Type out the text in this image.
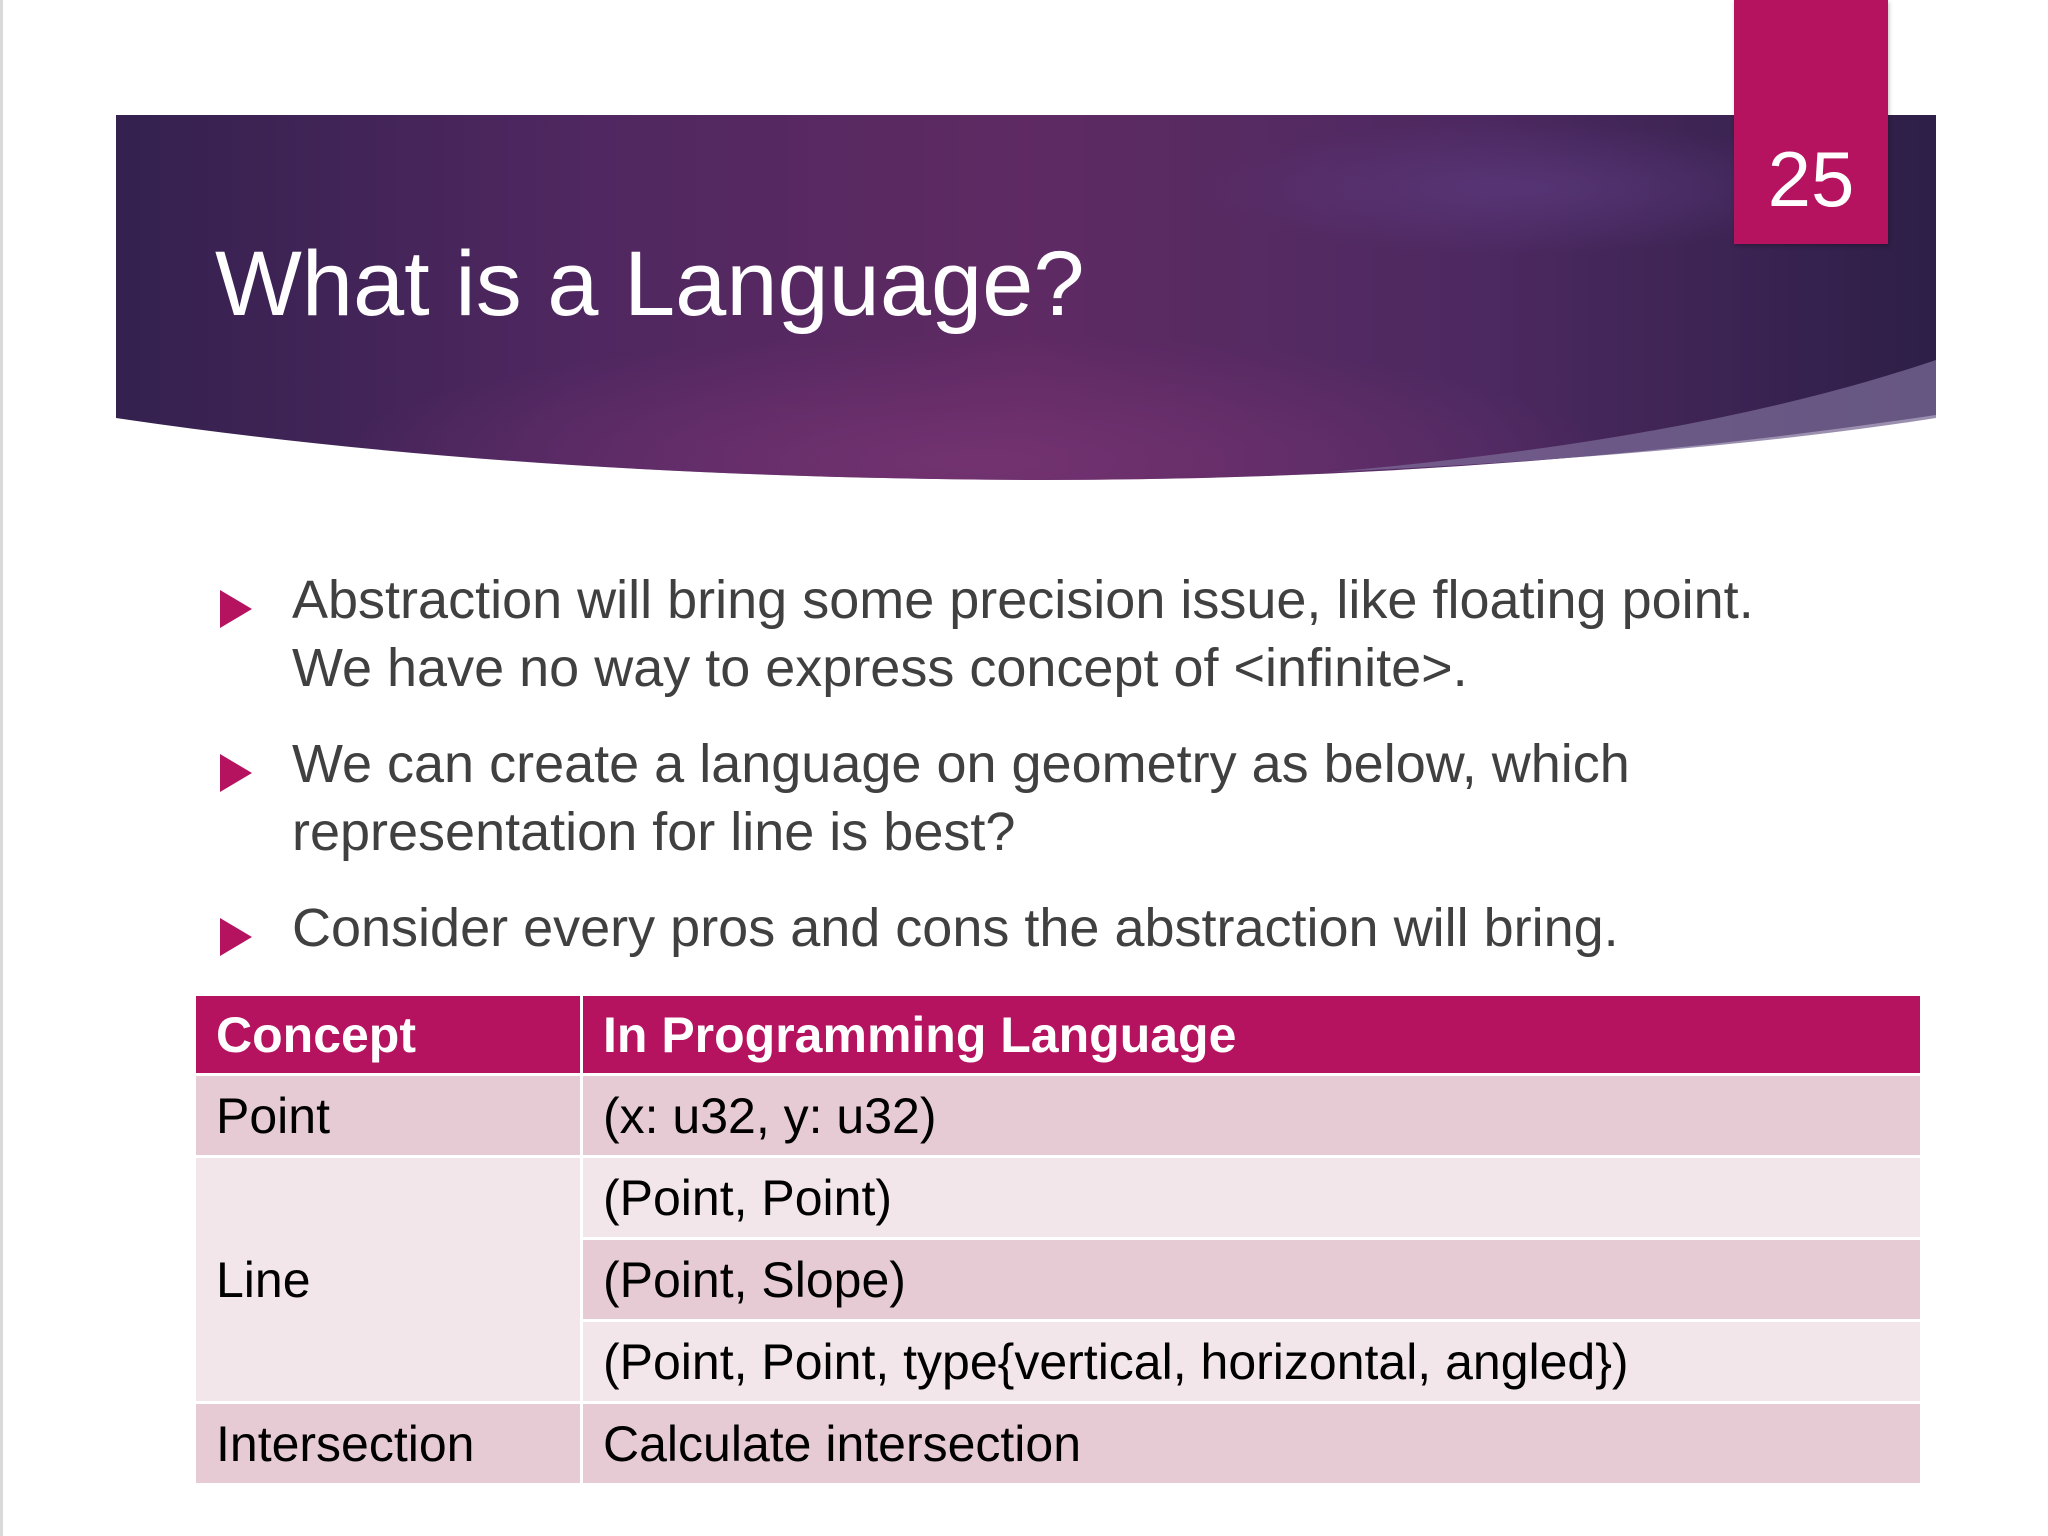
What is a Language?
25
Abstraction will bring some precision issue, like floating point.
We have no way to express concept of <infinite>.
We can create a language on geometry as below, which
representation for line is best?
Consider every pros and cons the abstraction will bring.
Concept	In Programming Language
Point	(x: u32, y: u32)
Line	(Point, Point)
	(Point, Slope)
	(Point, Point, type{vertical, horizontal, angled})
Intersection	Calculate intersection
